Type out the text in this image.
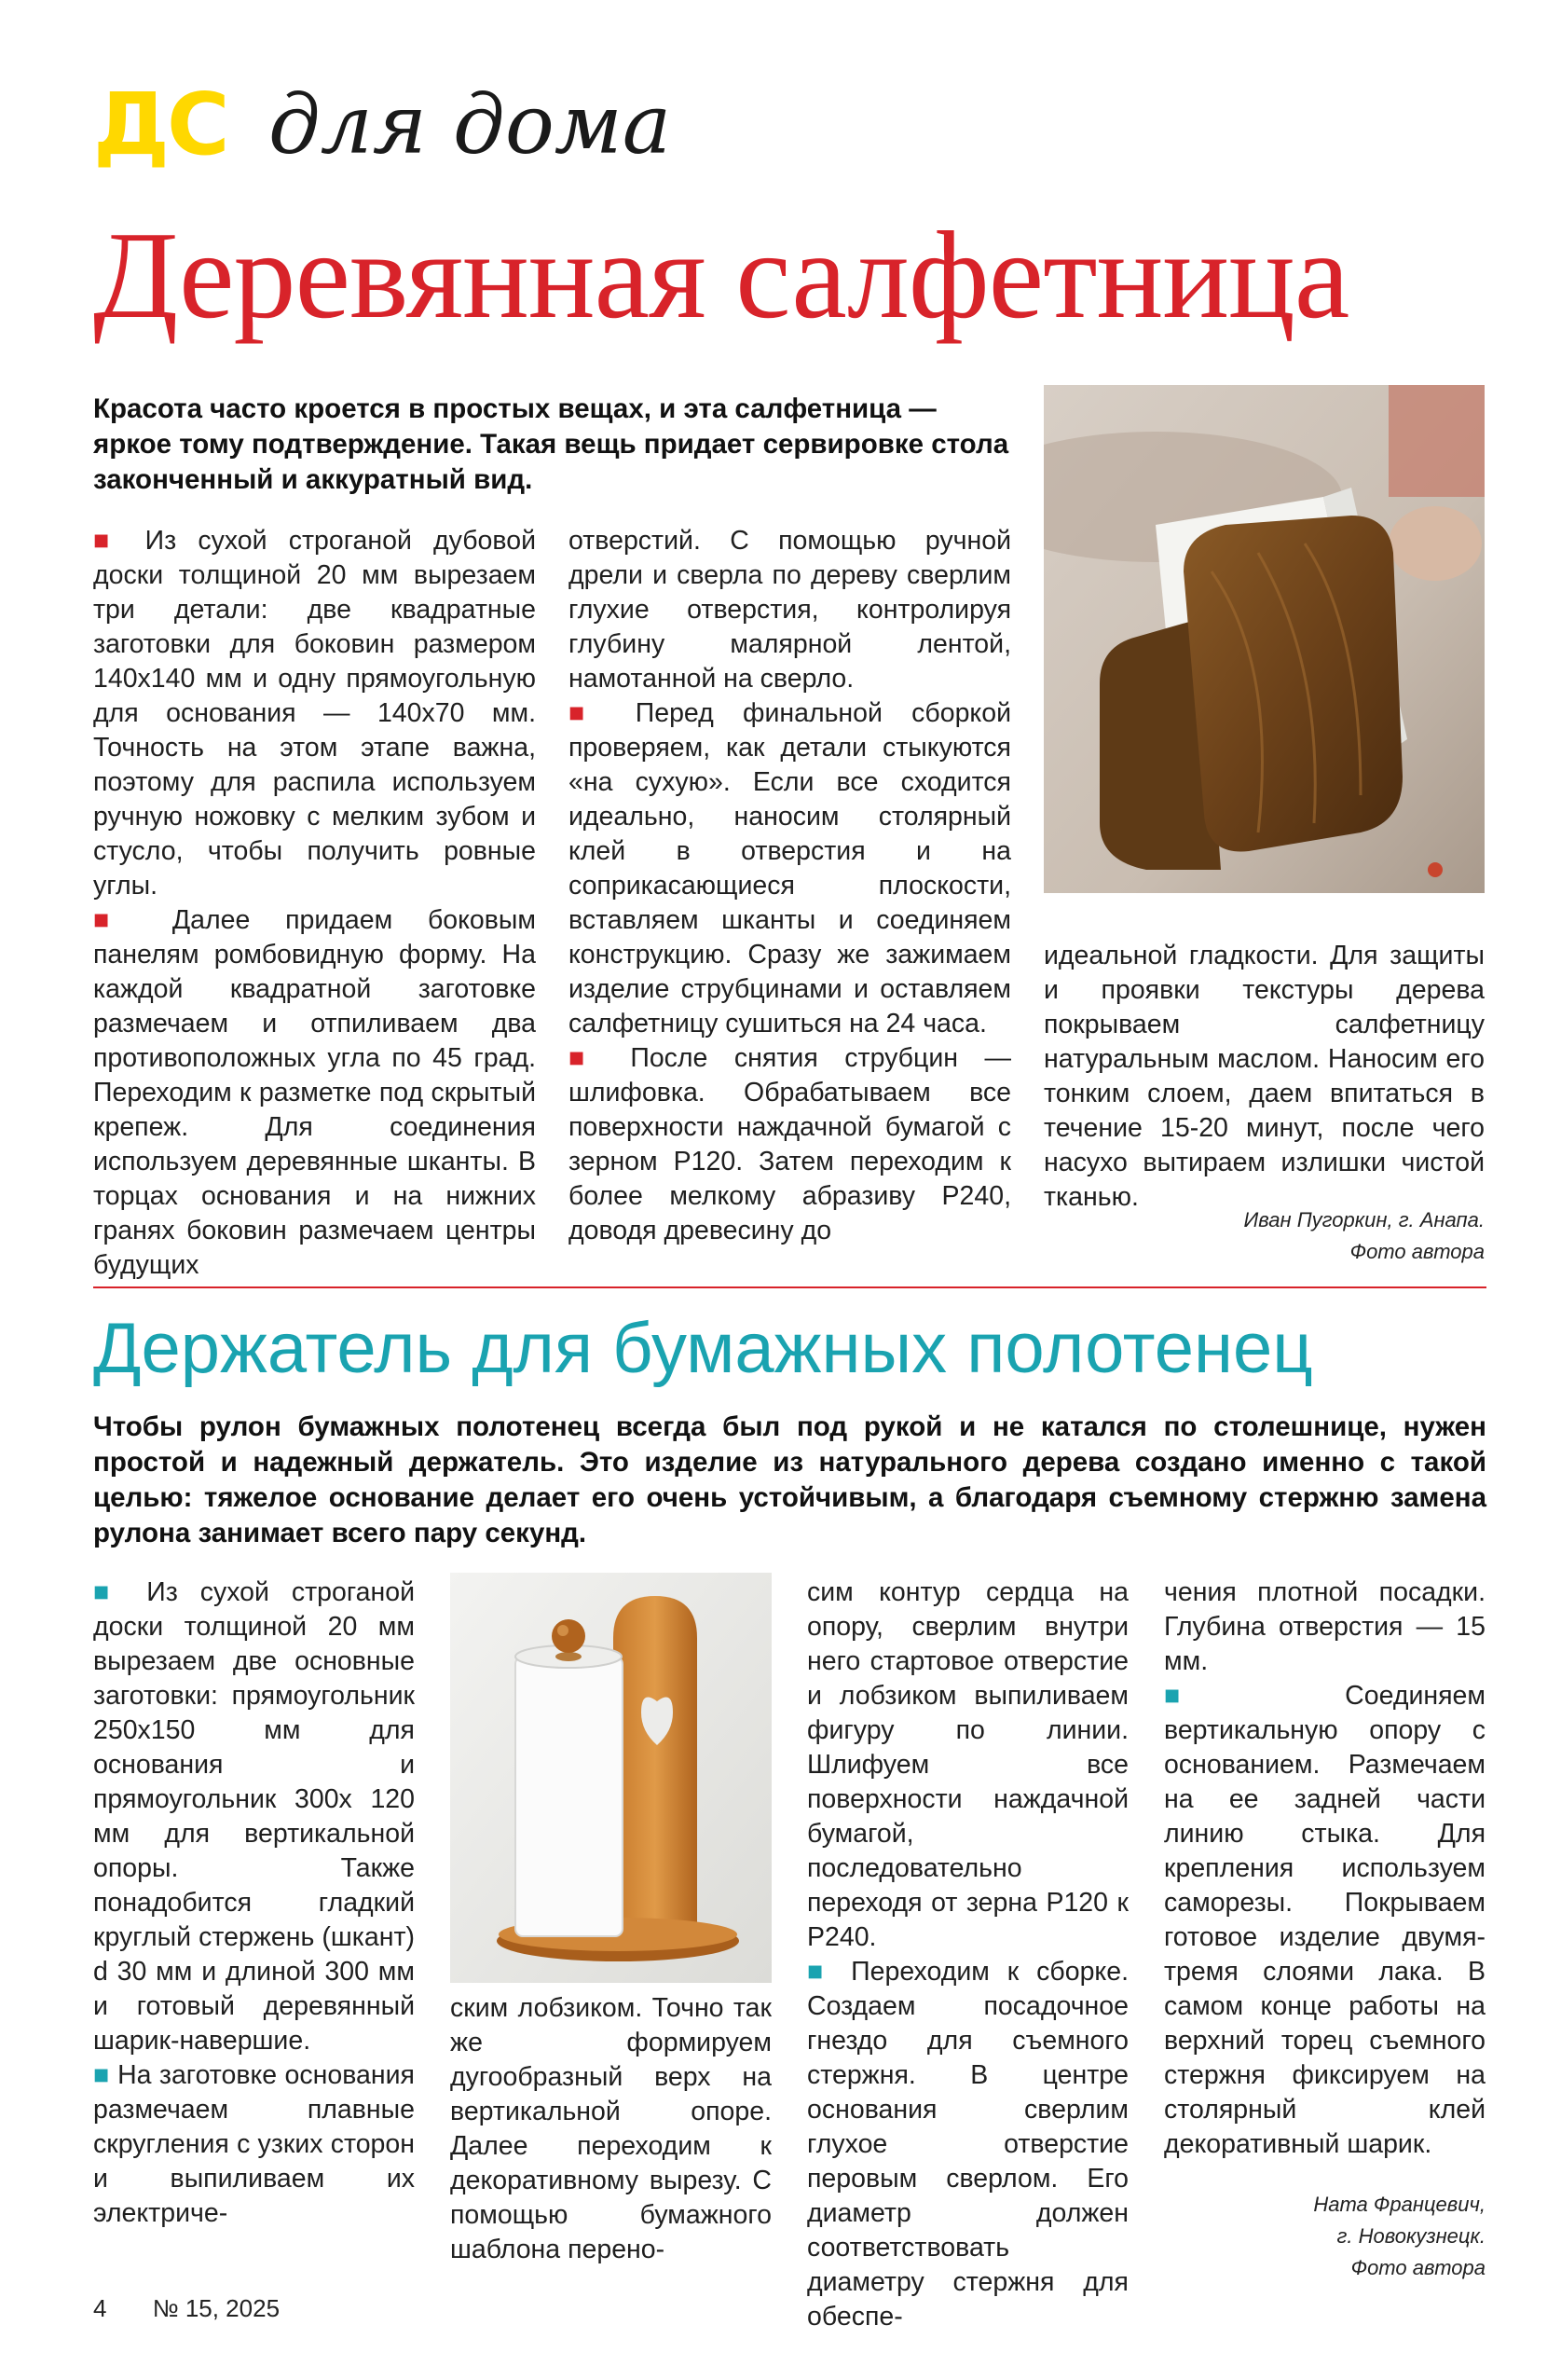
ДС для дома
Деревянная салфетница
Красота часто кроется в простых вещах, и эта салфетница — яркое тому подтверждение. Такая вещь придает сервировке стола законченный и аккуратный вид.

■ Из сухой строганой дубовой доски толщиной 20 мм вырезаем три детали: две квадратные заготовки для боковин размером 140х140 мм и одну прямоугольную для основания — 140х70 мм. Точность на этом этапе важна, поэтому для распила используем ручную ножовку с мелким зубом и стусло, чтобы получить ровные углы.

■ Далее придаем боковым панелям ромбовидную форму. На каждой квадратной заготовке размечаем и отпиливаем два противоположных угла по 45 град. Переходим к разметке под скрытый крепеж. Для соединения используем деревянные шканты. В торцах основания и на нижних гранях боковин размечаем центры будущих

отверстий. С помощью ручной дрели и сверла по дереву сверлим глухие отверстия, контролируя глубину малярной лентой, намотанной на сверло.

■ Перед финальной сборкой проверяем, как детали стыкуются «на сухую». Если все сходится идеально, наносим столярный клей в отверстия и на соприкасающиеся плоскости, вставляем шканты и соединяем конструкцию. Сразу же зажимаем изделие струбцинами и оставляем салфетницу сушиться на 24 часа.

■ После снятия струбцин — шлифовка. Обрабатываем все поверхности наждачной бумагой с зерном P120. Затем переходим к более мелкому абразиву P240, доводя древесину до

идеальной гладкости. Для защиты и проявки текстуры дерева покрываем салфетницу натуральным маслом. Наносим его тонким слоем, даем впитаться в течение 15-20 минут, после чего насухо вытираем излишки чистой тканью.

Иван Пугоркин, г. Анапа.
Фото автора
Держатель для бумажных полотенец
Чтобы рулон бумажных полотенец всегда был под рукой и не катался по столешнице, нужен простой и надежный держатель. Это изделие из натурального дерева создано именно с такой целью: тяжелое основание делает его очень устойчивым, а благодаря съемному стержню замена рулона занимает всего пару секунд.

■ Из сухой строганой доски толщиной 20 мм вырезаем две основные заготовки: прямоугольник 250х150 мм для основания и прямоугольник 300х 120 мм для вертикальной опоры. Также понадобится гладкий круглый стержень (шкант) d 30 мм и длиной 300 мм и готовый деревянный шарик-навершие.

■ На заготовке основания размечаем плавные скругления с узких сторон и выпиливаем их электриче-

ским лобзиком. Точно так же формируем дугообразный верх на вертикальной опоре. Далее переходим к декоративному вырезу. С помощью бумажного шаблона перено-

сим контур сердца на опору, сверлим внутри него стартовое отверстие и лобзиком выпиливаем фигуру по линии. Шлифуем все поверхности наждачной бумагой, последовательно переходя от зерна P120 к P240.

■ Переходим к сборке. Создаем посадочное гнездо для съемного стержня. В центре основания сверлим глухое отверстие перовым сверлом. Его диаметр должен соответствовать диаметру стержня для обеспе-

чения плотной посадки. Глубина отверстия — 15 мм.

■ Соединяем вертикальную опору с основанием. Размечаем на ее задней части линию стыка. Для крепления используем саморезы. Покрываем готовое изделие двумя-тремя слоями лака. В самом конце работы на верхний торец съемного стержня фиксируем на столярный клей декоративный шарик.

Ната Францевич,
г. Новокузнецк.
Фото автора
4 № 15, 2025
